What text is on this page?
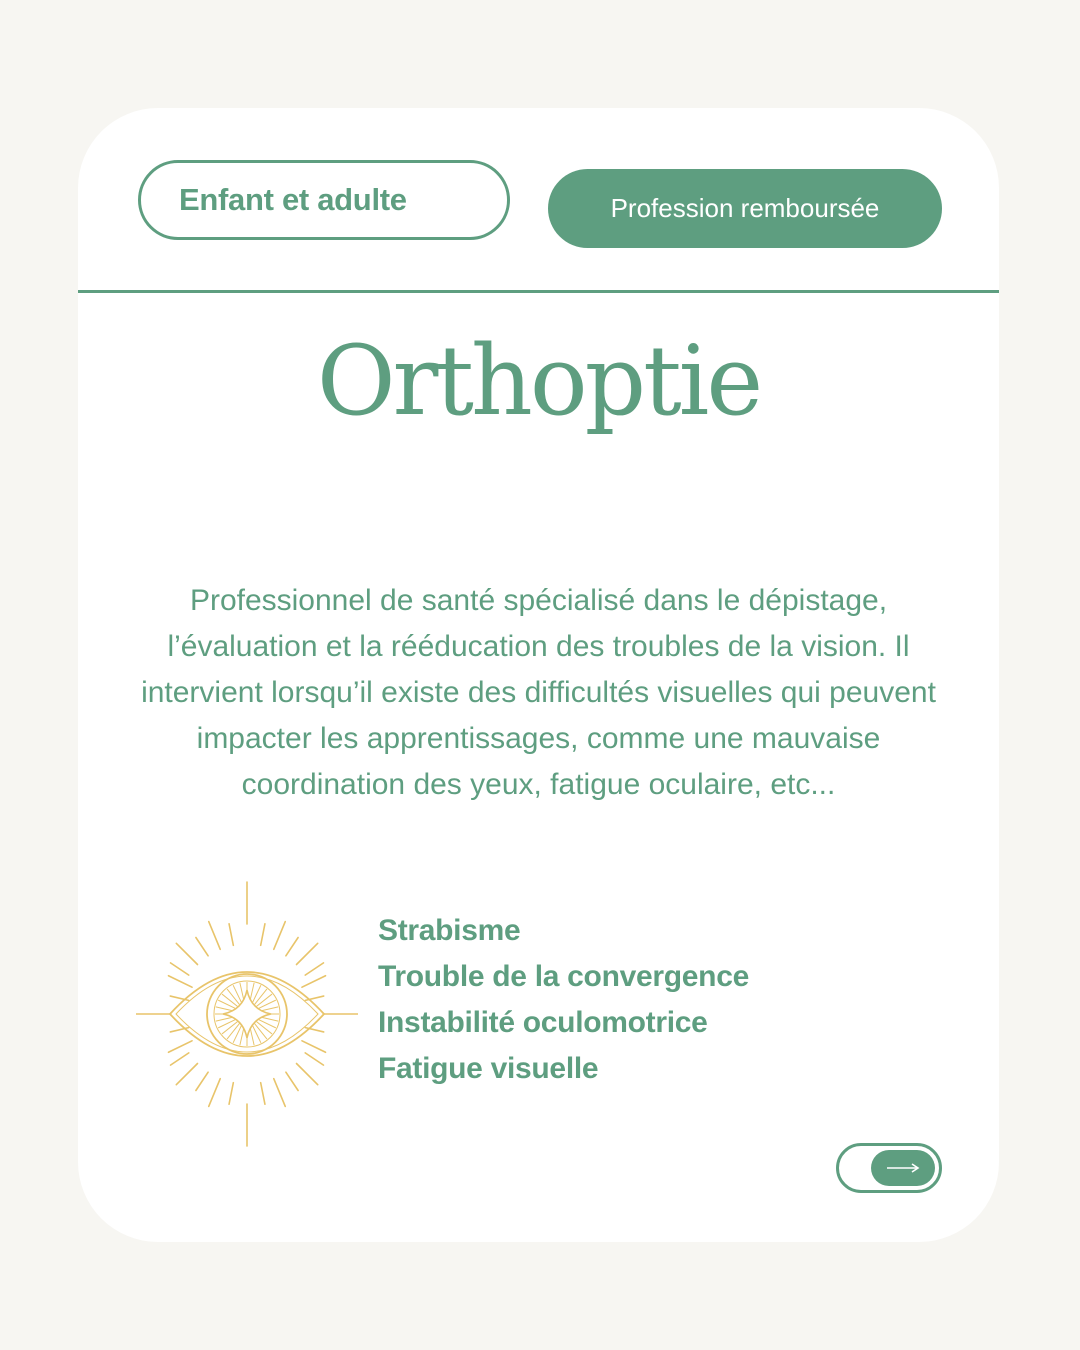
Enfant et adulte	Profession remboursée
Orthoptie
Professionnel de santé spécialisé dans le dépistage, l’évaluation et la rééducation des troubles de la vision. Il intervient lorsqu’il existe des difficultés visuelles qui peuvent impacter les apprentissages, comme une mauvaise coordination des yeux, fatigue oculaire, etc...
Strabisme
Trouble de la convergence
Instabilité oculomotrice
Fatigue visuelle
